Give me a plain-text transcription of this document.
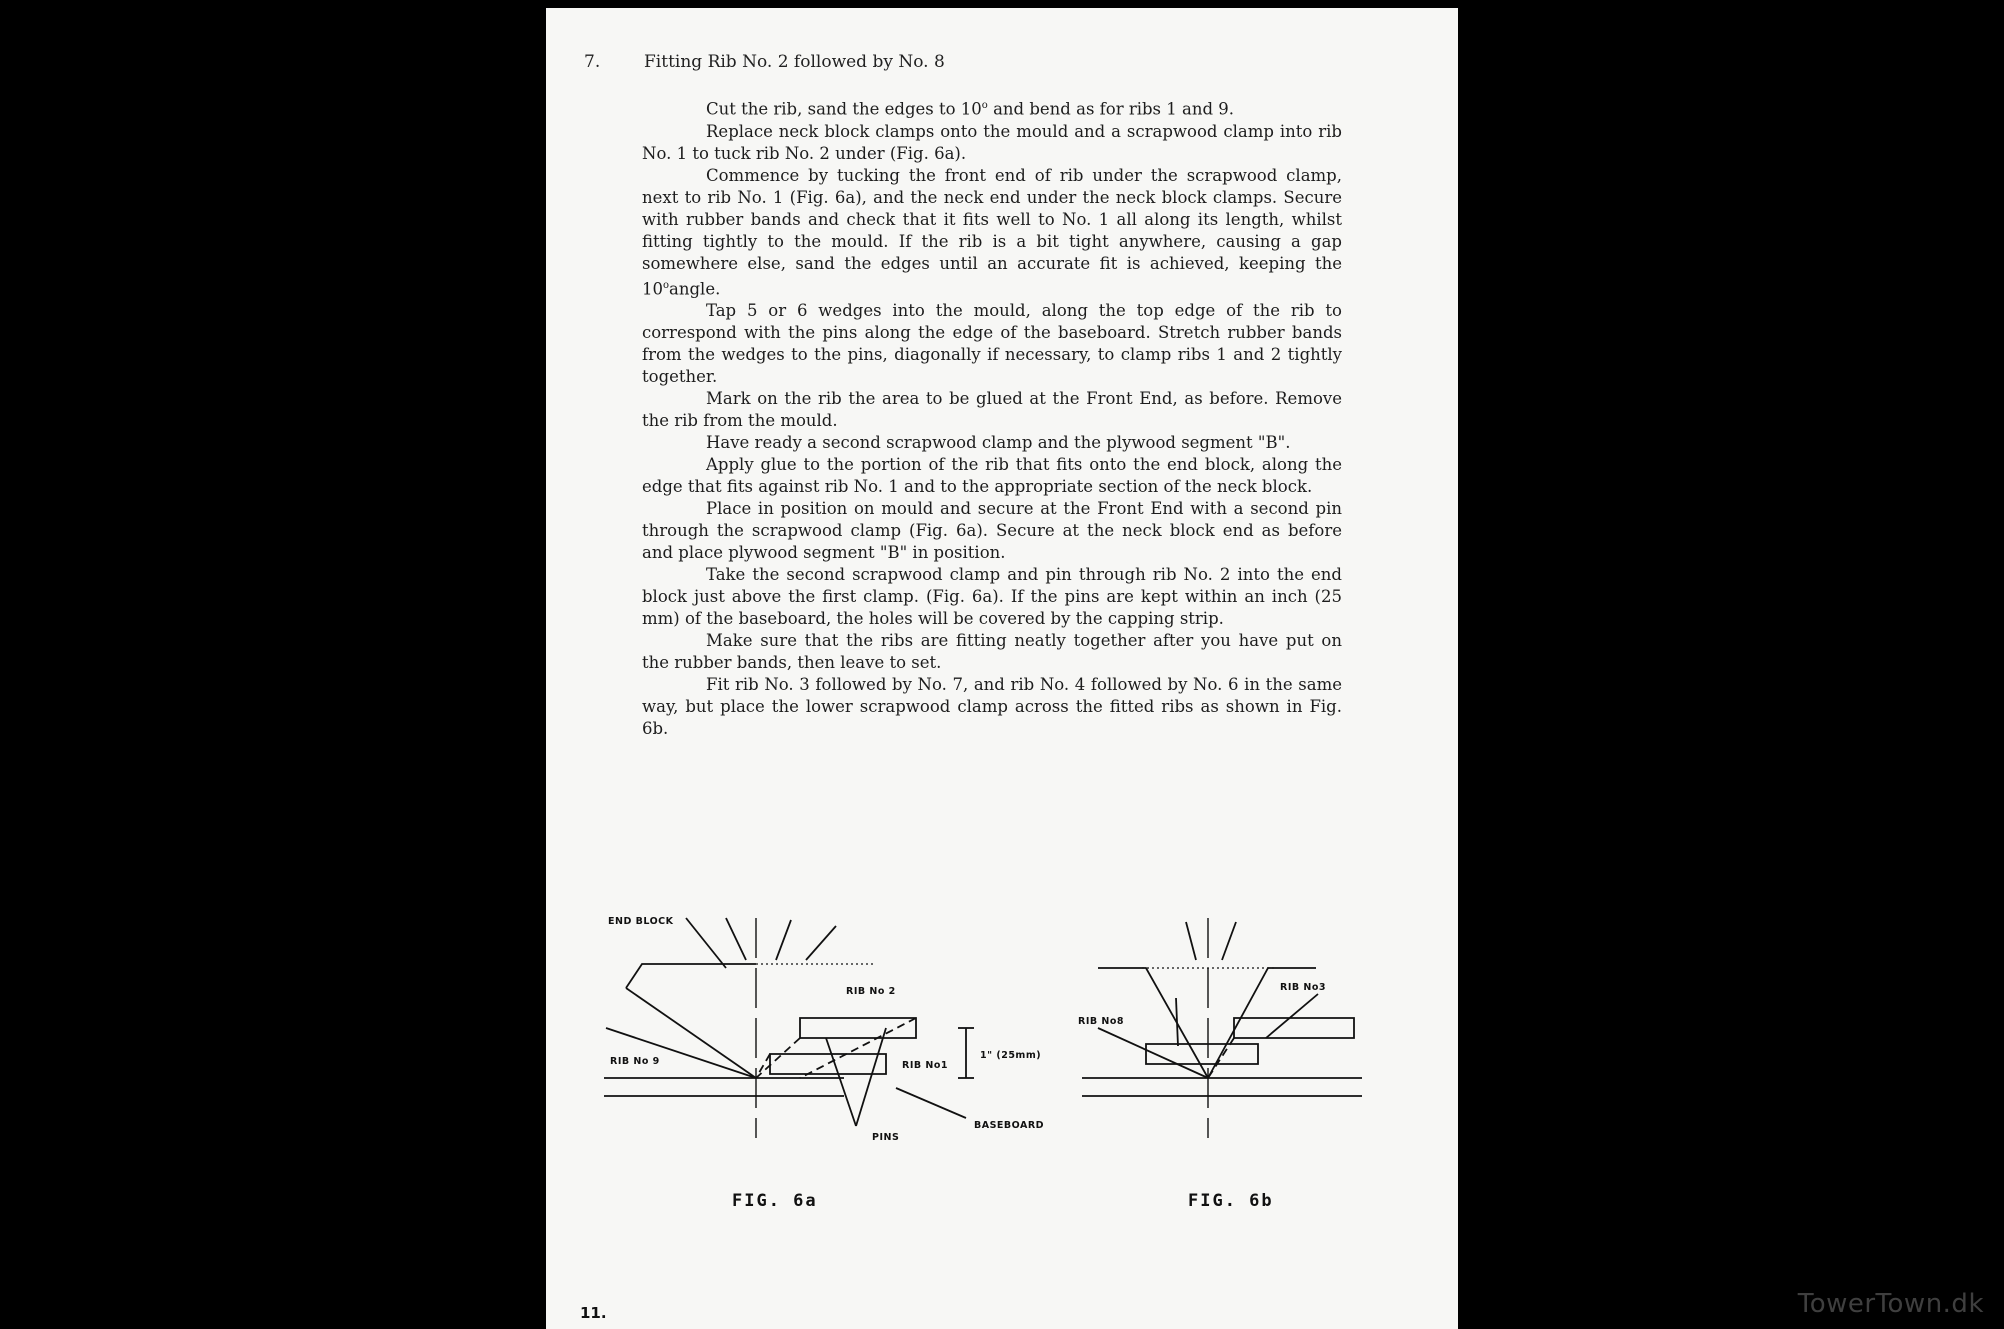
7.	Fitting Rib No. 2 followed by No. 8

Cut the rib, sand the edges to 10$^o$ and bend as for ribs 1 and 9.

Replace neck block clamps onto the mould and a scrapwood clamp into rib No. 1 to tuck rib No. 2 under (Fig. 6a).

Commence by tucking the front end of rib under the scrapwood clamp, next to rib No. 1 (Fig. 6a), and the neck end under the neck block clamps. Secure with rubber bands and check that it fits well to No. 1 all along its length, whilst fitting tightly to the mould. If the rib is a bit tight anywhere, causing a gap somewhere else, sand the edges until an accurate fit is achieved, keeping the 10$^o$angle.

Tap 5 or 6 wedges into the mould, along the top edge of the rib to correspond with the pins along the edge of the baseboard. Stretch rubber bands from the wedges to the pins, diagonally if necessary, to clamp ribs 1 and 2 tightly together.

Mark on the rib the area to be glued at the Front End, as before. Remove the rib from the mould.

Have ready a second scrapwood clamp and the plywood segment "B".

Apply glue to the portion of the rib that fits onto the end block, along the edge that fits against rib No. 1 and to the appropriate section of the neck block.

Place in position on mould and secure at the Front End with a second pin through the scrapwood clamp (Fig. 6a). Secure at the neck block end as before and place plywood segment "B" in position.

Take the second scrapwood clamp and pin through rib No. 2 into the end block just above the first clamp. (Fig. 6a). If the pins are kept within an inch (25 mm) of the baseboard, the holes will be covered by the capping strip.

Make sure that the ribs are fitting neatly together after you have put on the rubber bands, then leave to set.

Fit rib No. 3 followed by No. 7, and rib No. 4 followed by No. 6 in the same way, but place the lower scrapwood clamp across the fitted ribs as shown in Fig. 6b.

END BLOCK
RIB No 2
RIB No 9	RIB No1
1" (25mm)
PINS
BASEBOARD
FIG. 6a
RIB No3
RIB No8
FIG. 6b
11.	TowerTown.dk
